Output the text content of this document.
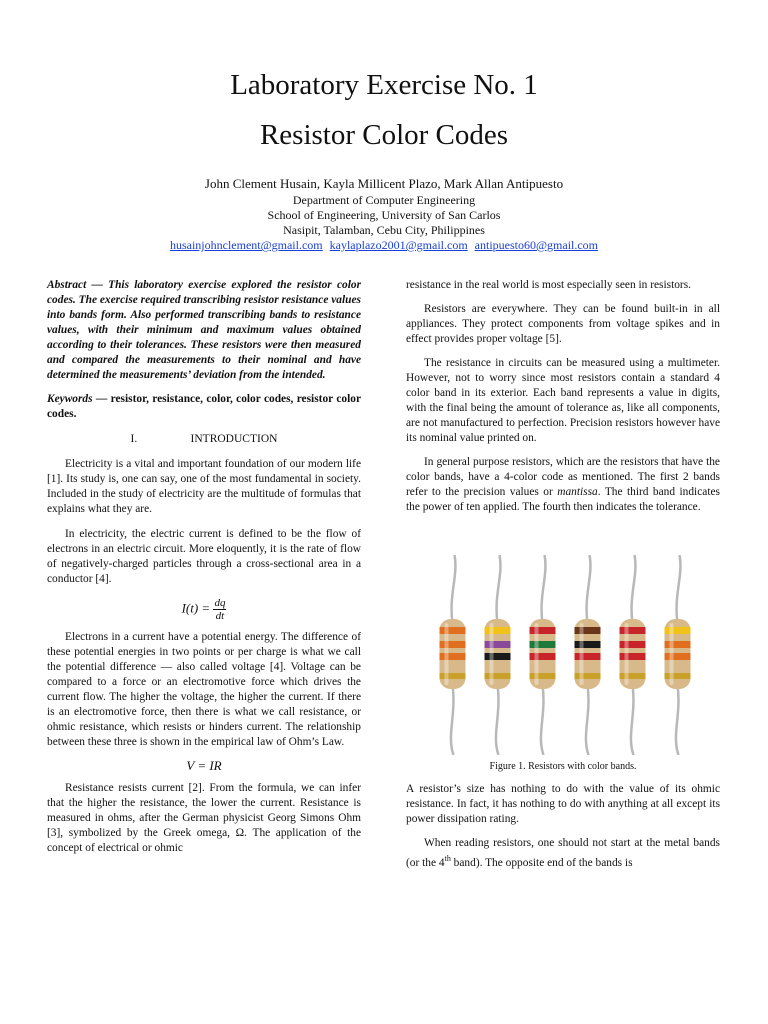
Laboratory Exercise No. 1
Resistor Color Codes
John Clement Husain, Kayla Millicent Plazo, Mark Allan Antipuesto
Department of Computer Engineering
School of Engineering, University of San Carlos
Nasipit, Talamban, Cebu City, Philippines
husainjohnclement@gmail.com kaylaplazo2001@gmail.com antipuesto60@gmail.com

Abstract — This laboratory exercise explored the resistor color codes. The exercise required transcribing resistor resistance values into bands form. Also performed transcribing bands to resistance values, with their minimum and maximum values obtained according to their tolerances. These resistors were then measured and compared the measurements to their nominal and have determined the measurements’ deviation from the intended.

Keywords — resistor, resistance, color, color codes, resistor color codes.

I.	INTRODUCTION

Electricity is a vital and important foundation of our modern life [1]. Its study is, one can say, one of the most fundamental in society. Included in the study of electricity are the multitude of formulas that explains what they are.

In electricity, the electric current is defined to be the flow of electrons in an electric circuit. More eloquently, it is the rate of flow of negatively-charged particles through a cross-sectional area in a conductor [4].

$I(t) = \frac{dq}{dt}$

Electrons in a current have a potential energy. The difference of these potential energies in two points or per charge is what we call the potential difference — also called voltage [4]. Voltage can be compared to a force or an electromotive force which drives the current flow. The higher the voltage, the higher the current. If there is an electromotive force, then there is what we call resistance, or ohmic resistance, which resists or hinders current. The relationship between these three is shown in the empirical law of Ohm’s Law.

V = IR

Resistance resists current [2]. From the formula, we can infer that the higher the resistance, the lower the current. Resistance is measured in ohms, after the German physicist Georg Simons Ohm [3], symbolized by the Greek omega, Ω. The application of the concept of electrical or ohmic

resistance in the real world is most especially seen in resistors.

Resistors are everywhere. They can be found built-in in all appliances. They protect components from voltage spikes and in effect provides proper voltage [5].

The resistance in circuits can be measured using a multimeter. However, not to worry since most resistors contain a standard 4 color band in its exterior. Each band represents a value in digits, with the final being the amount of tolerance as, like all components, are not manufactured to perfection. Precision resistors however have its nominal value printed on.

In general purpose resistors, which are the resistors that have the color bands, have a 4-color code as mentioned. The first 2 bands refer to the precision values or mantissa. The third band indicates the power of ten applied. The fourth then indicates the tolerance.

Figure 1. Resistors with color bands.

A resistor’s size has nothing to do with the value of its ohmic resistance. In fact, it has nothing to do with anything at all except its power dissipation rating.

When reading resistors, one should not start at the metal bands (or the 4th band). The opposite end of the bands is
